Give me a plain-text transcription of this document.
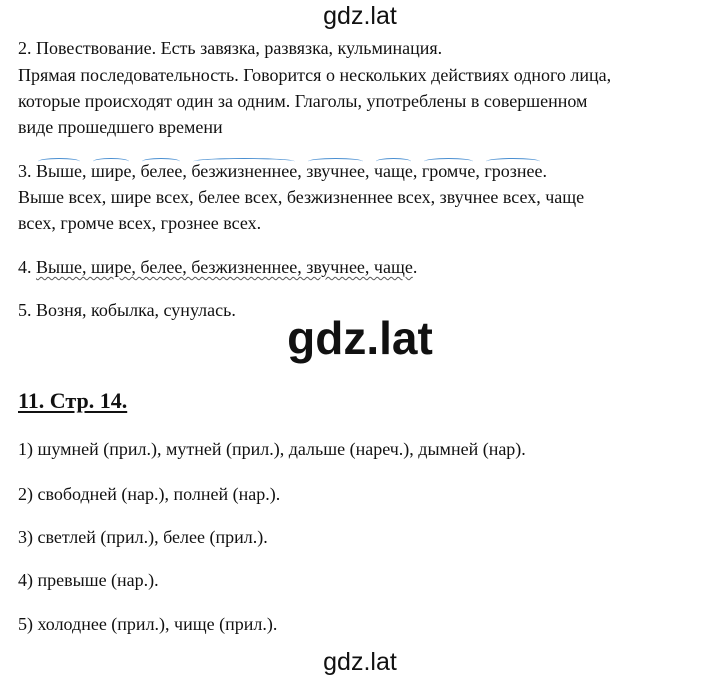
gdz.lat
2. Повествование. Есть завязка, развязка, кульминация.
Прямая последовательность. Говорится о нескольких действиях одного лица,
которые происходят один за одним. Глаголы, употреблены в совершенном
виде прошедшего времени
3. Выше, шире, белее, безжизненнее, звучнее, чаще, громче, грознее.
Выше всех, шире всех, белее всех, безжизненнее всех, звучнее всех, чаще
всех, громче всех, грознее всех.
4. Выше, шире, белее, безжизненнее, звучнее, чаще.
5. Возня, кобылка, сунулась.
gdz.lat
11. Стр. 14.
1) шумней (прил.), мутней (прил.), дальше (нареч.), дымней (нар).
2) свободней (нар.), полней (нар.).
3) светлей (прил.), белее (прил.).
4) превыше (нар.).
5) холоднее (прил.), чище (прил.).
gdz.lat
